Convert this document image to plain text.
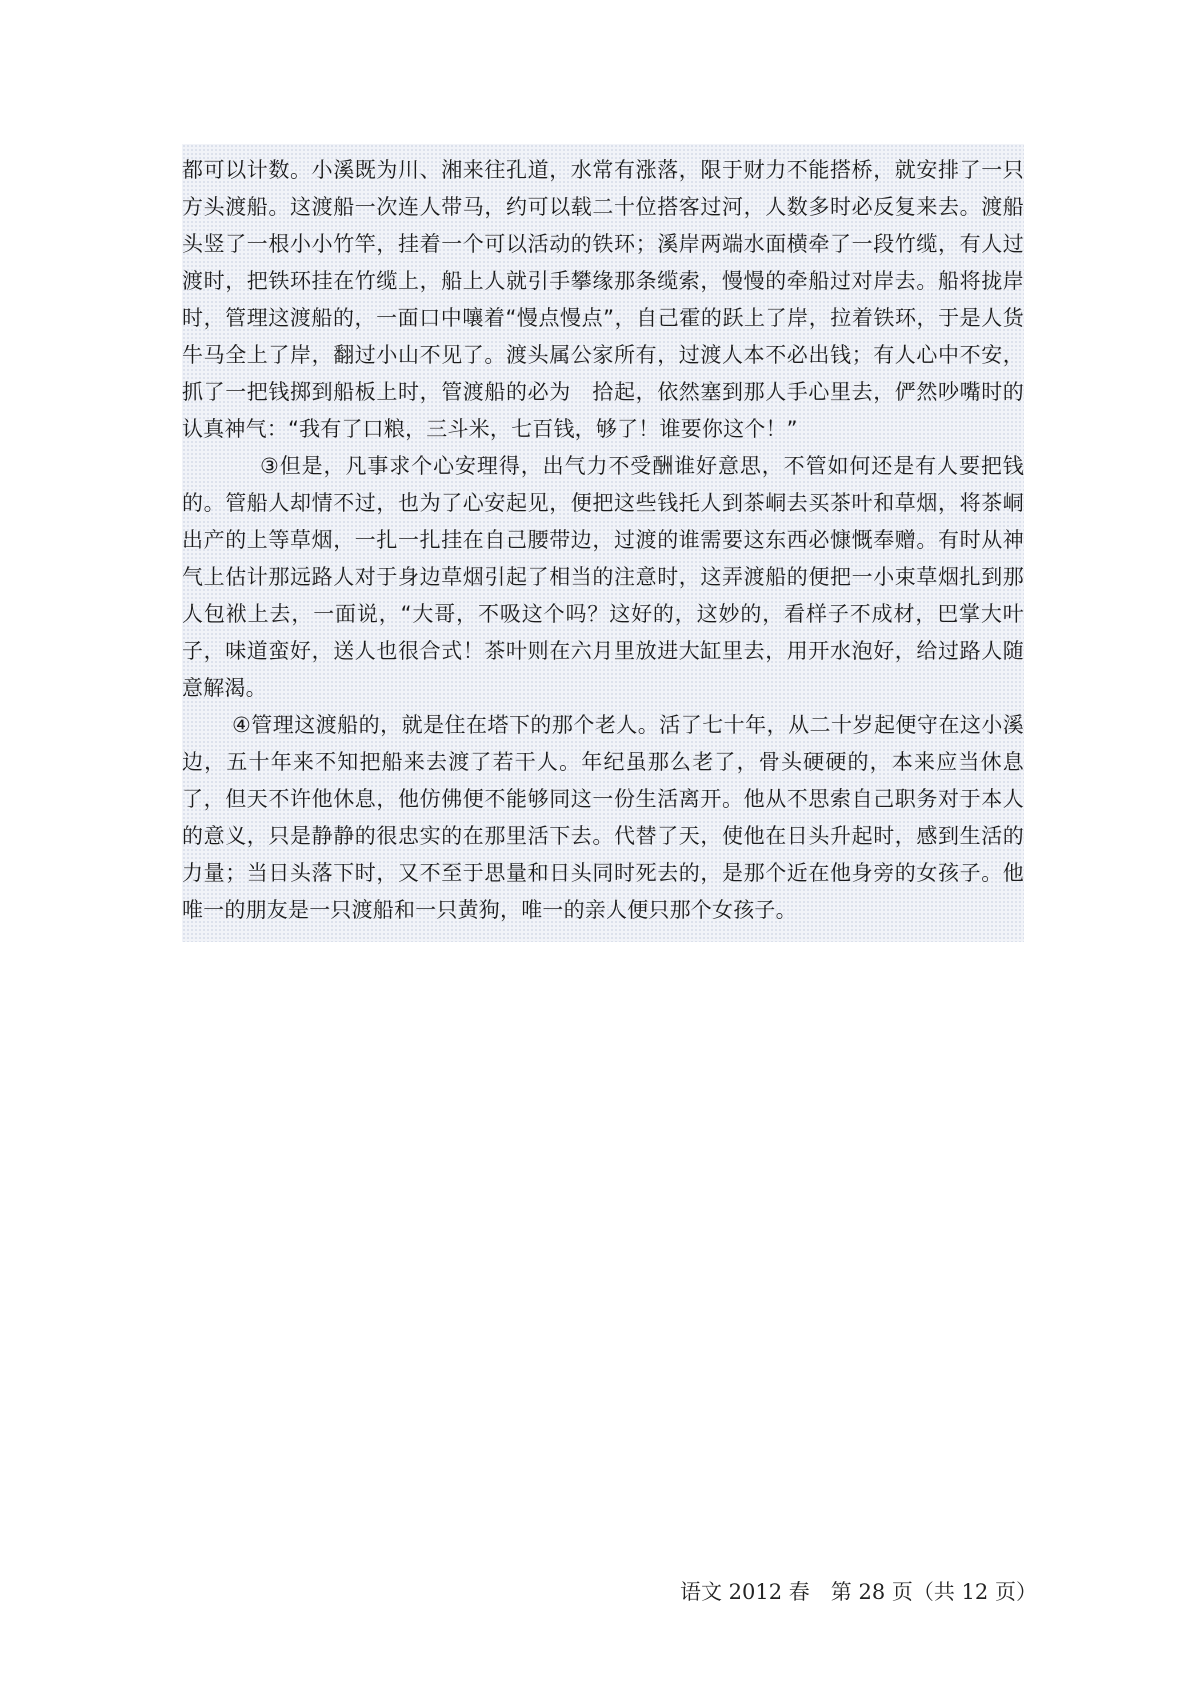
都可以计数。小溪既为川、湘来往孔道，水常有涨落，限于财力不能搭桥，就安排了一只方头渡船。这渡船一次连人带马，约可以载二十位搭客过河，人数多时必反复来去。渡船头竖了一根小小竹竿，挂着一个可以活动的铁环；溪岸两端水面横牵了一段竹缆，有人过渡时，把铁环挂在竹缆上，船上人就引手攀缘那条缆索，慢慢的牵船过对岸去。船将拢岸时，管理这渡船的，一面口中嚷着“慢点慢点”，自己霍的跃上了岸，拉着铁环，于是人货牛马全上了岸，翻过小山不见了。渡头属公家所有，过渡人本不必出钱；有人心中不安，抓了一把钱掷到船板上时，管渡船的必为　拾起，依然塞到那人手心里去，俨然吵嘴时的认真神气：“我有了口粮，三斗米，七百钱，够了！谁要你这个！”

③但是，凡事求个心安理得，出气力不受酬谁好意思，不管如何还是有人要把钱的。管船人却情不过，也为了心安起见，便把这些钱托人到茶峒去买茶叶和草烟，将茶峒出产的上等草烟，一扎一扎挂在自己腰带边，过渡的谁需要这东西必慷慨奉赠。有时从神气上估计那远路人对于身边草烟引起了相当的注意时，这弄渡船的便把一小束草烟扎到那人包袱上去，一面说，“大哥，不吸这个吗？这好的，这妙的，看样子不成材，巴掌大叶子，味道蛮好，送人也很合式！茶叶则在六月里放进大缸里去，用开水泡好，给过路人随意解渴。

④管理这渡船的，就是住在塔下的那个老人。活了七十年，从二十岁起便守在这小溪边，五十年来不知把船来去渡了若干人。年纪虽那么老了，骨头硬硬的，本来应当休息了，但天不许他休息，他仿佛便不能够同这一份生活离开。他从不思索自己职务对于本人的意义，只是静静的很忠实的在那里活下去。代替了天，使他在日头升起时，感到生活的力量；当日头落下时，又不至于思量和日头同时死去的，是那个近在他身旁的女孩子。他唯一的朋友是一只渡船和一只黄狗，唯一的亲人便只那个女孩子。

语文 2012 春　第 28 页（共 12 页）
